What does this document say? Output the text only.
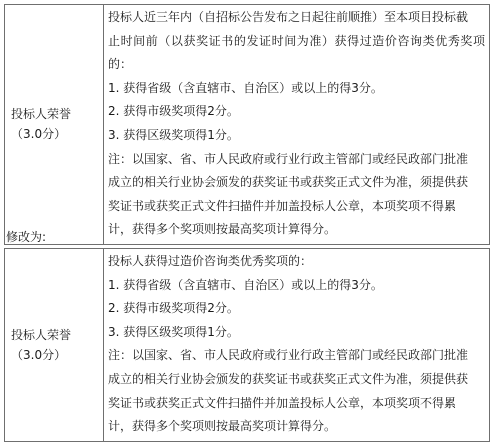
投标人荣誉
（3.0分）

投标人近三年内（自招标公告发布之日起往前顺推）至本项目投标截

止时间前（以获奖证书的发证时间为准）获得过造价咨询类优秀奖项的：

1. 获得省级（含直辖市、自治区）或以上的得3分。

2. 获得市级奖项得2分。

3. 获得区级奖项得1分。

注：以国家、省、市人民政府或行业行政主管部门或经民政部门批准

成立的相关行业协会颁发的获奖证书或获奖正式文件为准，须提供获

奖证书或获奖正式文件扫描件并加盖投标人公章，本项奖项不得累

计，获得多个奖项则按最高奖项计算得分。

修改为:
投标人荣誉
（3.0分）

投标人获得过造价咨询类优秀奖项的：

1. 获得省级（含直辖市、自治区）或以上的得3分。

2. 获得市级奖项得2分。

3. 获得区级奖项得1分。

注：以国家、省、市人民政府或行业行政主管部门或经民政部门批准

成立的相关行业协会颁发的获奖证书或获奖正式文件为准，须提供获

奖证书或获奖正式文件扫描件并加盖投标人公章，本项奖项不得累

计，获得多个奖项则按最高奖项计算得分。
